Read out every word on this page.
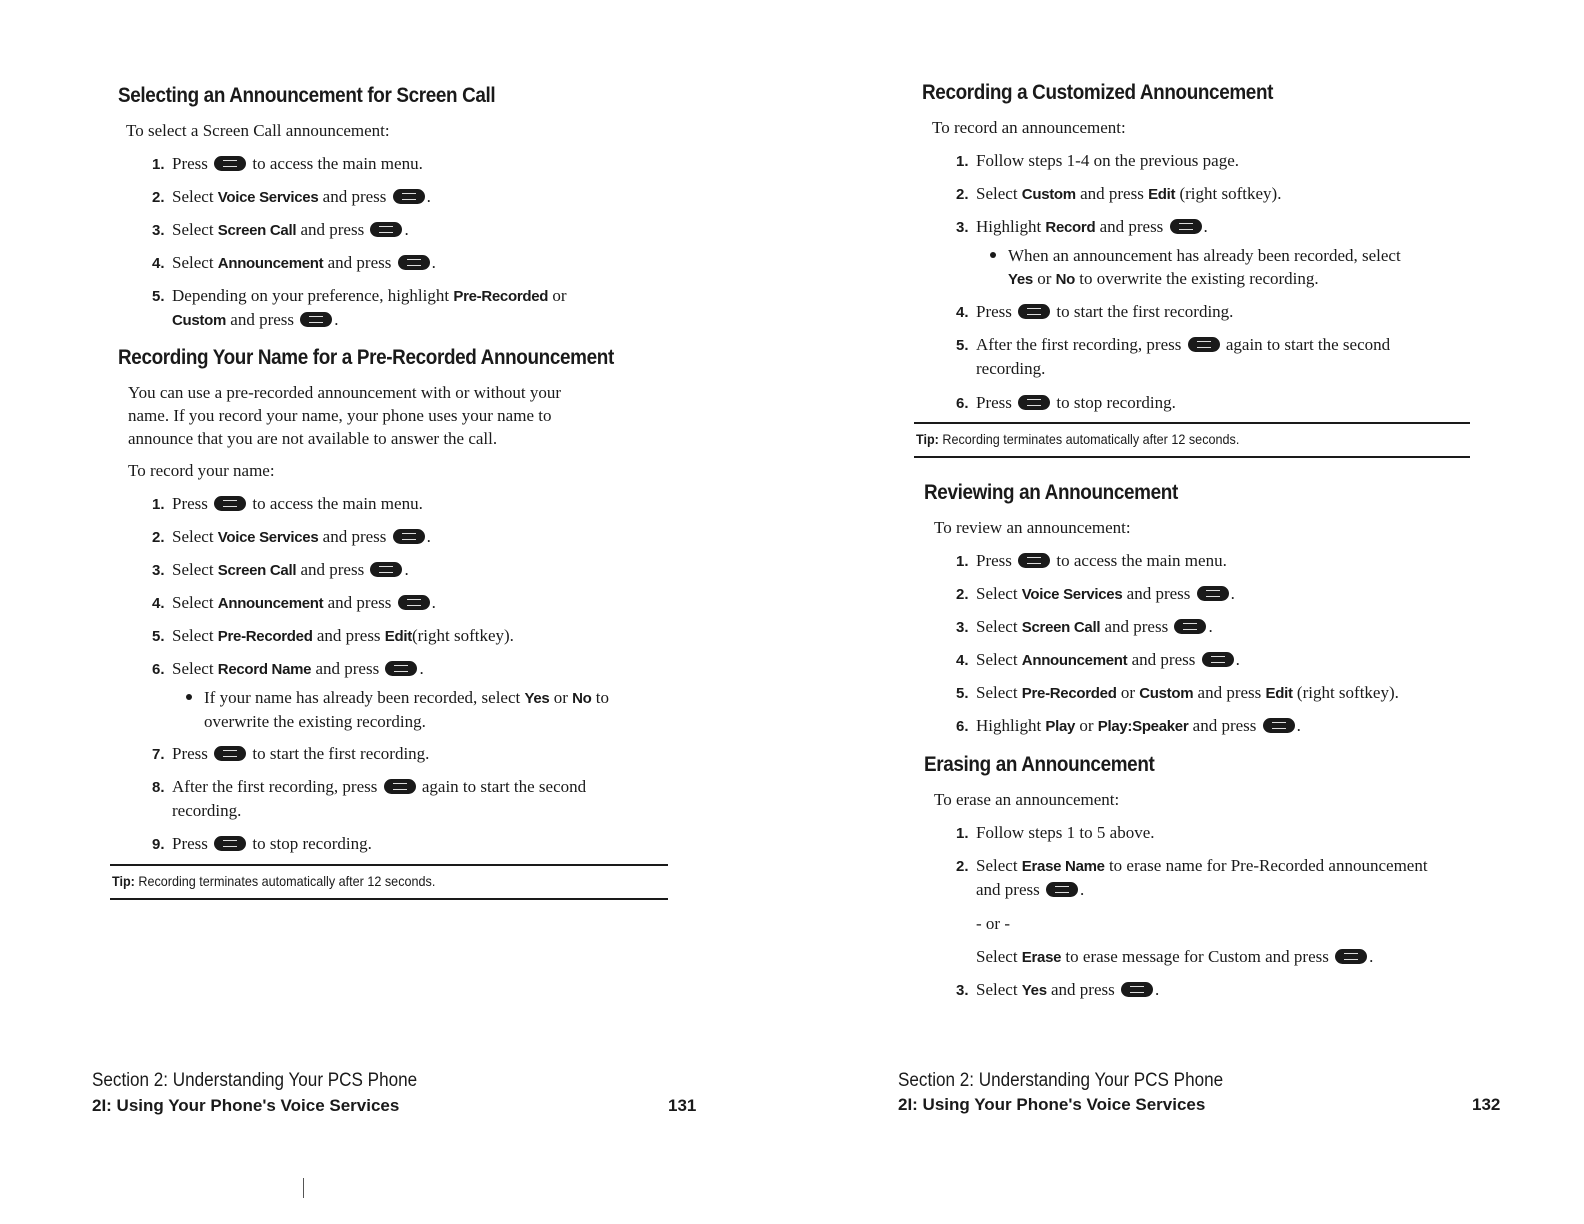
Selecting an Announcement for Screen Call
To select a Screen Call announcement:
1. Press	to access the main menu.
2. Select Voice Services and press .
3. Select Screen Call and press .
4. Select Announcement and press .
5. Depending on your preference, highlight Pre-Recorded or
Custom and press .
Recording Your Name for a Pre-Recorded Announcement
You can use a pre-recorded announcement with or without your
name. If you record your name, your phone uses your name to
announce that you are not available to answer the call.
To record your name:
1. Press	to access the main menu.
2. Select Voice Services and press .
3. Select Screen Call and press .
4. Select Announcement and press .
5. Select Pre-Recorded and press Edit(right softkey).
6. Select Record Name and press .
If your name has already been recorded, select Yes or No to
overwrite the existing recording.
7. Press	to start the first recording.
8. After the first recording, press	again to start the second
recording.
9. Press	to stop recording.
Tip: Recording terminates automatically after 12 seconds.
Section 2: Understanding Your PCS Phone
2I: Using Your Phone's Voice Services	131
Recording a Customized Announcement
To record an announcement:
1. Follow steps 1-4 on the previous page.
2. Select Custom and press Edit (right softkey).
3. Highlight Record and press .
When an announcement has already been recorded, select
Yes or No to overwrite the existing recording.
4. Press	to start the first recording.
5. After the first recording, press	again to start the second
recording.
6. Press	to stop recording.
Tip: Recording terminates automatically after 12 seconds.
Reviewing an Announcement
To review an announcement:
1. Press	to access the main menu.
2. Select Voice Services and press .
3. Select Screen Call and press .
4. Select Announcement and press .
5. Select Pre-Recorded or Custom and press Edit (right softkey).
6. Highlight Play or Play:Speaker and press .
Erasing an Announcement
To erase an announcement:
1. Follow steps 1 to 5 above.
2. Select Erase Name to erase name for Pre-Recorded announcement
and press .
- or -
Select Erase to erase message for Custom and press .
3. Select Yes and press .
Section 2: Understanding Your PCS Phone
2I: Using Your Phone's Voice Services	132
